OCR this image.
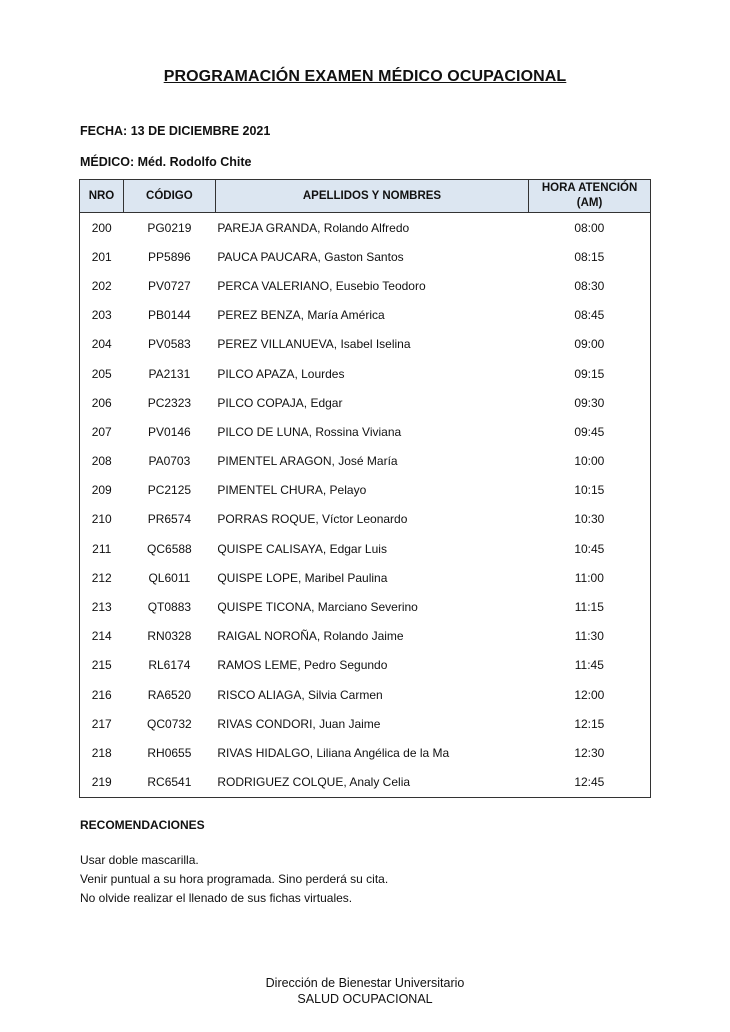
PROGRAMACIÓN EXAMEN MÉDICO OCUPACIONAL
FECHA: 13 DE DICIEMBRE 2021
MÉDICO: Méd. Rodolfo Chite
NRO	CÓDIGO	APELLIDOS Y NOMBRES	HORA ATENCIÓN
(AM)

200	PG0219	PAREJA GRANDA, Rolando Alfredo	08:00
201	PP5896	PAUCA PAUCARA, Gaston Santos	08:15
202	PV0727	PERCA VALERIANO, Eusebio Teodoro	08:30
203	PB0144	PEREZ BENZA, María América	08:45
204	PV0583	PEREZ VILLANUEVA, Isabel Iselina	09:00
205	PA2131	PILCO APAZA, Lourdes	09:15
206	PC2323	PILCO COPAJA, Edgar	09:30
207	PV0146	PILCO DE LUNA, Rossina Viviana	09:45
208	PA0703	PIMENTEL ARAGON, José María	10:00
209	PC2125	PIMENTEL CHURA, Pelayo	10:15
210	PR6574	PORRAS ROQUE, Víctor Leonardo	10:30
211	QC6588	QUISPE CALISAYA, Edgar Luis	10:45
212	QL6011	QUISPE LOPE, Maribel Paulina	11:00
213	QT0883	QUISPE TICONA, Marciano Severino	11:15
214	RN0328	RAIGAL NOROÑA, Rolando Jaime	11:30
215	RL6174	RAMOS LEME, Pedro Segundo	11:45
216	RA6520	RISCO ALIAGA, Silvia Carmen	12:00
217	QC0732	RIVAS CONDORI, Juan Jaime	12:15
218	RH0655	RIVAS HIDALGO, Liliana Angélica de la Ma	12:30
219	RC6541	RODRIGUEZ COLQUE, Analy Celia	12:45
RECOMENDACIONES
Usar doble mascarilla.
Venir puntual a su hora programada. Sino perderá su cita.
No olvide realizar el llenado de sus fichas virtuales.
Dirección de Bienestar Universitario
SALUD OCUPACIONAL
